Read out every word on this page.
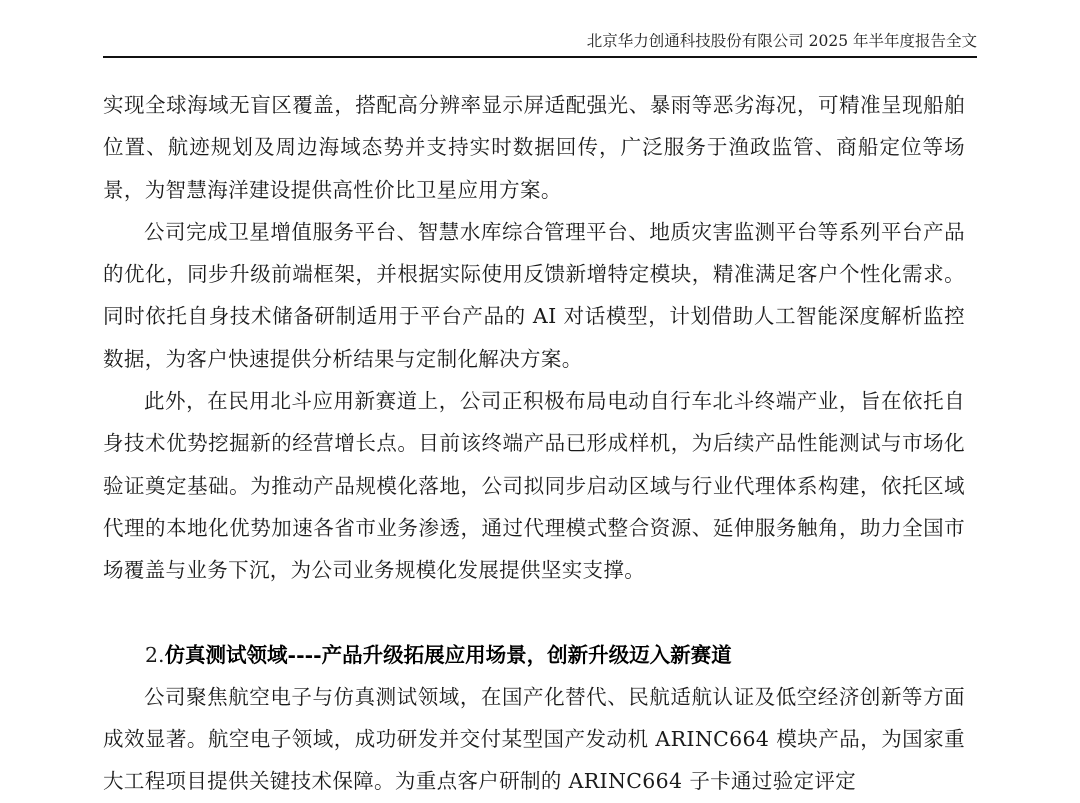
北京华力创通科技股份有限公司 2025 年半年度报告全文

实现全球海域无盲区覆盖，搭配高分辨率显示屏适配强光、暴雨等恶劣海况，可精准呈现船舶位置、航迹规划及周边海域态势并支持实时数据回传，广泛服务于渔政监管、商船定位等场景，为智慧海洋建设提供高性价比卫星应用方案。

公司完成卫星增值服务平台、智慧水库综合管理平台、地质灾害监测平台等系列平台产品的优化，同步升级前端框架，并根据实际使用反馈新增特定模块，精准满足客户个性化需求。同时依托自身技术储备研制适用于平台产品的 AI 对话模型，计划借助人工智能深度解析监控数据，为客户快速提供分析结果与定制化解决方案。

此外，在民用北斗应用新赛道上，公司正积极布局电动自行车北斗终端产业，旨在依托自身技术优势挖掘新的经营增长点。目前该终端产品已形成样机，为后续产品性能测试与市场化验证奠定基础。为推动产品规模化落地，公司拟同步启动区域与行业代理体系构建，依托区域代理的本地化优势加速各省市业务渗透，通过代理模式整合资源、延伸服务触角，助力全国市场覆盖与业务下沉，为公司业务规模化发展提供坚实支撑。

2.仿真测试领域----产品升级拓展应用场景，创新升级迈入新赛道

公司聚焦航空电子与仿真测试领域，在国产化替代、民航适航认证及低空经济创新等方面成效显著。航空电子领域，成功研发并交付某型国产发动机 ARINC664 模块产品，为国家重大工程项目提供关键技术保障。为重点客户研制的 ARINC664 子卡通过验定评定
